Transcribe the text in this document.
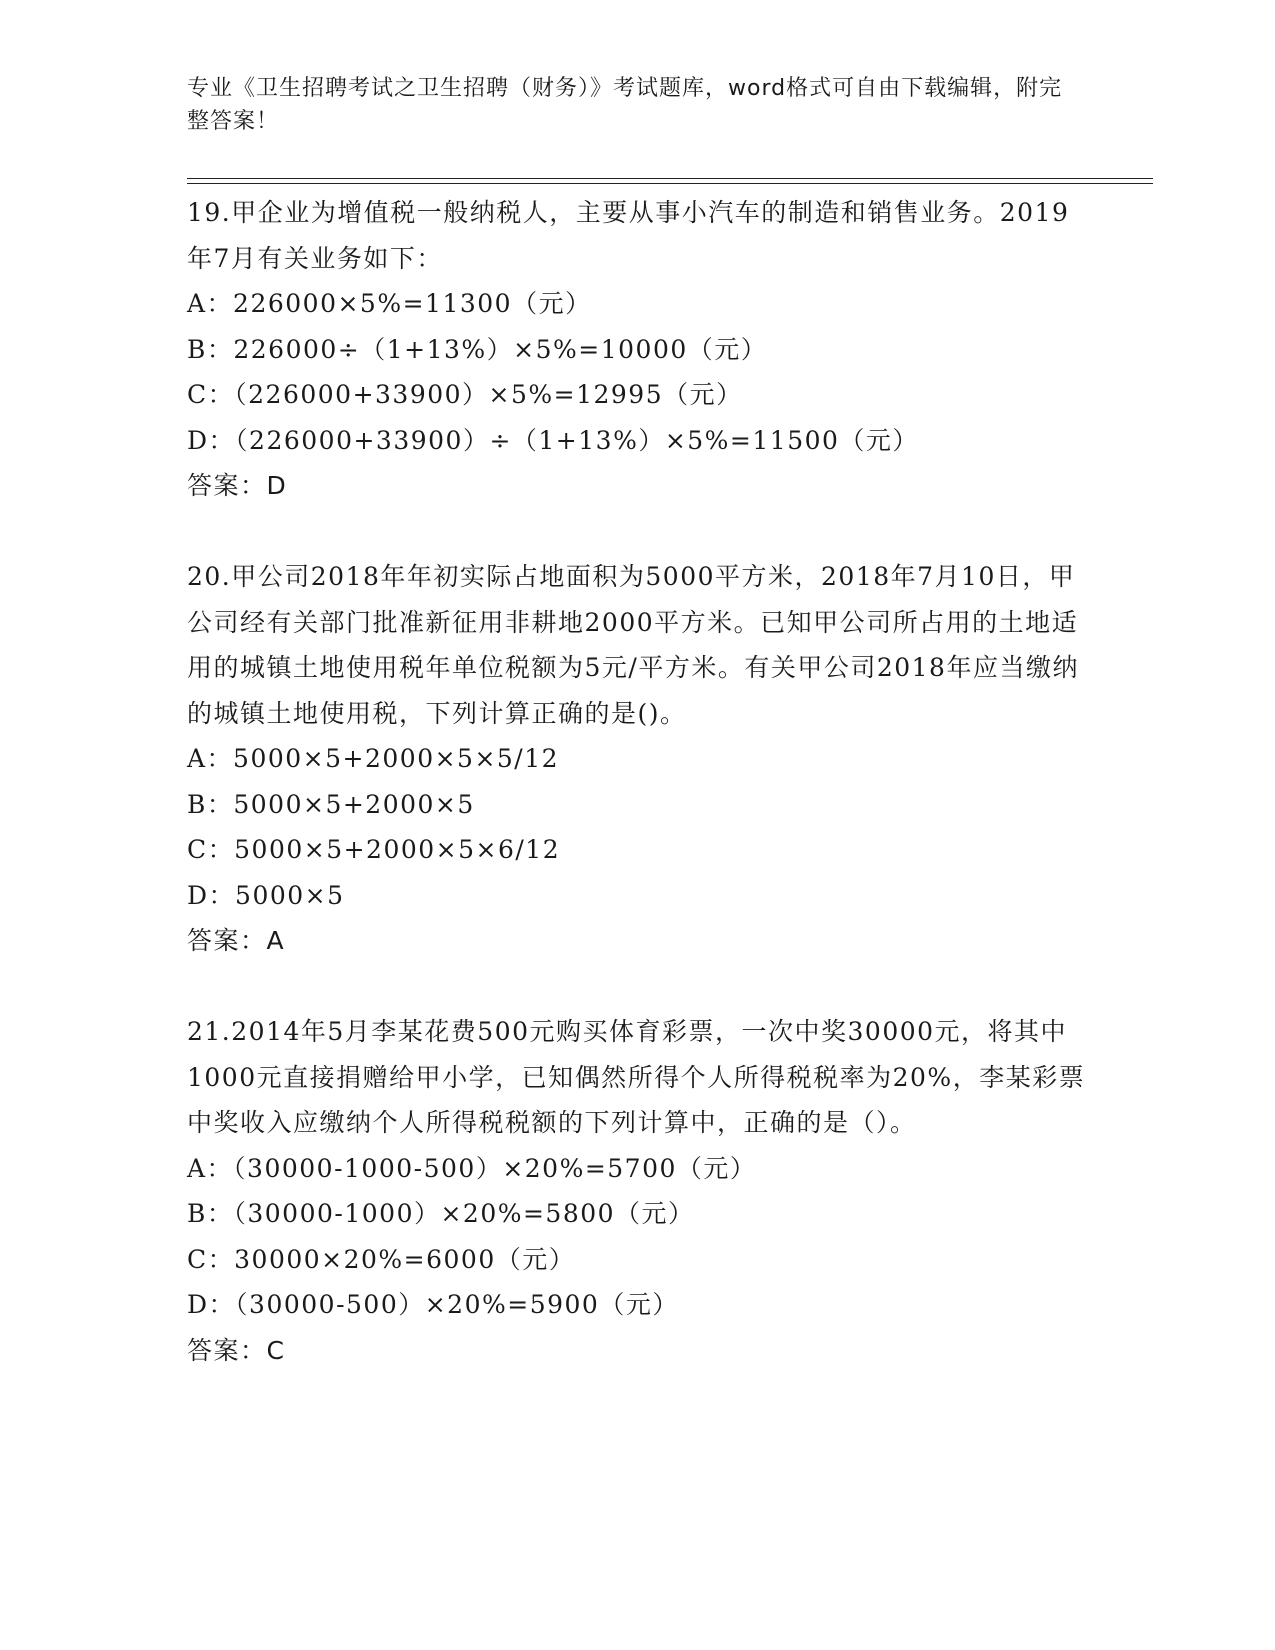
专业《卫生招聘考试之卫生招聘（财务）》考试题库，word格式可自由下载编辑，附完整答案！
19.甲企业为增值税一般纳税人，主要从事小汽车的制造和销售业务。2019年7月有关业务如下：
A：226000×5%=11300（元）
B：226000÷（1+13%）×5%=10000（元）
C：（226000+33900）×5%=12995（元）
D：（226000+33900）÷（1+13%）×5%=11500（元）
答案：D
20.甲公司2018年年初实际占地面积为5000平方米，2018年7月10日，甲公司经有关部门批准新征用非耕地2000平方米。已知甲公司所占用的土地适用的城镇土地使用税年单位税额为5元/平方米。有关甲公司2018年应当缴纳的城镇土地使用税，下列计算正确的是()。
A：5000×5+2000×5×5/12
B：5000×5+2000×5
C：5000×5+2000×5×6/12
D：5000×5
答案：A
21.2014年5月李某花费500元购买体育彩票，一次中奖30000元，将其中1000元直接捐赠给甲小学，已知偶然所得个人所得税税率为20%，李某彩票中奖收入应缴纳个人所得税税额的下列计算中，正确的是（）。
A：（30000-1000-500）×20%=5700（元）
B：（30000-1000）×20%=5800（元）
C：30000×20%=6000（元）
D：（30000-500）×20%=5900（元）
答案：C
